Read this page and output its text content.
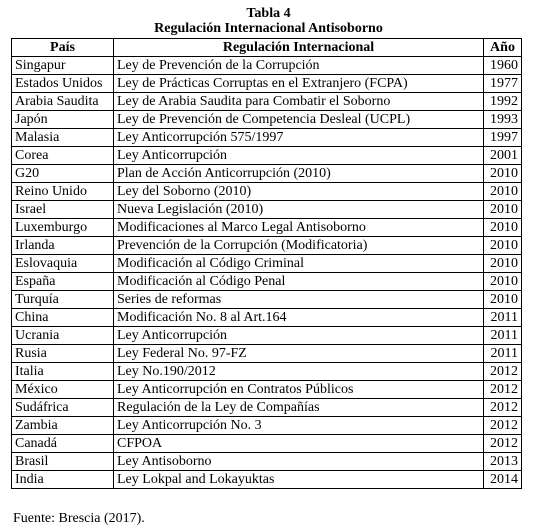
Tabla 4
Regulación Internacional Antisoborno
País	Regulación Internacional	Año
Singapur	Ley de Prevención de la Corrupción	1960
Estados Unidos	Ley de Prácticas Corruptas en el Extranjero (FCPA)	1977
Arabia Saudita	Ley de Arabia Saudita para Combatir el Soborno	1992
Japón	Ley de Prevención de Competencia Desleal (UCPL)	1993
Malasia	Ley Anticorrupción 575/1997	1997
Corea	Ley Anticorrupción	2001
G20	Plan de Acción Anticorrupción (2010)	2010
Reino Unido	Ley del Soborno (2010)	2010
Israel	Nueva Legislación (2010)	2010
Luxemburgo	Modificaciones al Marco Legal Antisoborno	2010
Irlanda	Prevención de la Corrupción (Modificatoria)	2010
Eslovaquia	Modificación al Código Criminal	2010
España	Modificación al Código Penal	2010
Turquía	Series de reformas	2010
China	Modificación No. 8 al Art.164	2011
Ucrania	Ley Anticorrupción	2011
Rusia	Ley Federal No. 97-FZ	2011
Italia	Ley No.190/2012	2012
México	Ley Anticorrupción en Contratos Públicos	2012
Sudáfrica	Regulación de la Ley de Compañías	2012
Zambia	Ley Anticorrupción No. 3	2012
Canadá	CFPOA	2012
Brasil	Ley Antisoborno	2013
India	Ley Lokpal and Lokayuktas	2014
Fuente: Brescia (2017).
